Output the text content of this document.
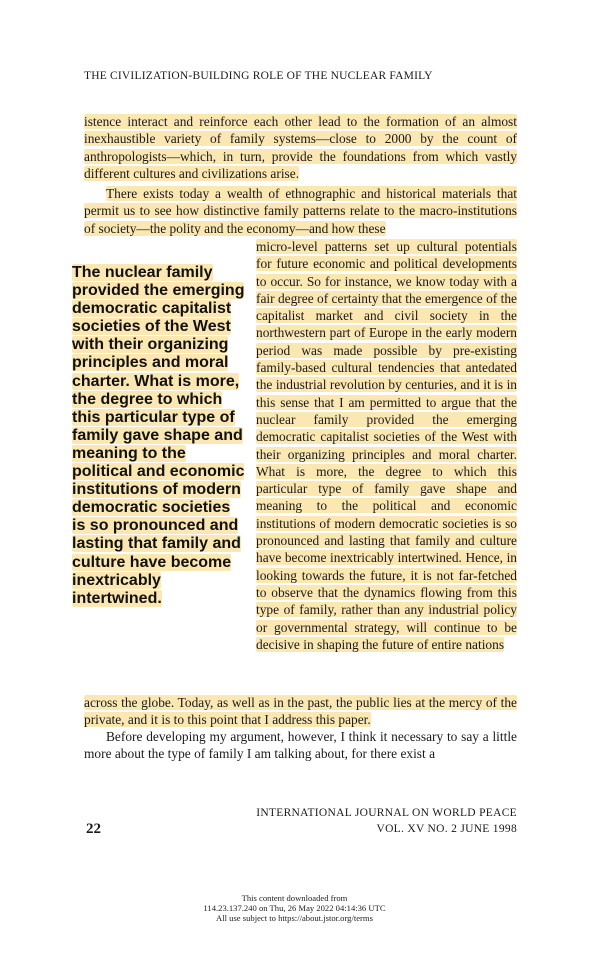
THE CIVILIZATION-BUILDING ROLE OF THE NUCLEAR FAMILY
istence interact and reinforce each other lead to the formation of an almost inexhaustible variety of family systems—close to 2000 by the count of anthropologists—which, in turn, provide the foundations from which vastly different cultures and civilizations arise.
There exists today a wealth of ethnographic and historical materials that permit us to see how distinctive family patterns relate to the macro-institutions of society—the polity and the economy—and how these
micro-level patterns set up cultural potentials for future economic and political developments to occur. So for instance, we know today with a fair degree of certainty that the emergence of the capitalist market and civil society in the northwestern part of Europe in the early modern period was made possible by pre-existing family-based cultural tendencies that antedated the industrial revolution by centuries, and it is in this sense that I am permitted to argue that the nuclear family provided the emerging democratic capitalist societies of the West with their organizing principles and moral charter. What is more, the degree to which this particular type of family gave shape and meaning to the political and economic institutions of modern democratic societies is so pronounced and lasting that family and culture have become inextricably intertwined. Hence, in looking towards the future, it is not far-fetched to observe that the dynamics flowing from this type of family, rather than any industrial policy or governmental strategy, will continue to be decisive in shaping the future of entire nations
The nuclear family provided the emerging democratic capitalist societies of the West with their organizing principles and moral charter. What is more, the degree to which this particular type of family gave shape and meaning to the political and economic institutions of modern democratic societies is so pronounced and lasting that family and culture have become inextricably intertwined.
across the globe. Today, as well as in the past, the public lies at the mercy of the private, and it is to this point that I address this paper.
Before developing my argument, however, I think it necessary to say a little more about the type of family I am talking about, for there exist a
INTERNATIONAL JOURNAL ON WORLD PEACE
VOL. XV NO. 2 JUNE 1998
22
This content downloaded from
114.23.137.240 on Thu, 26 May 2022 04:14:36 UTC
All use subject to https://about.jstor.org/terms
